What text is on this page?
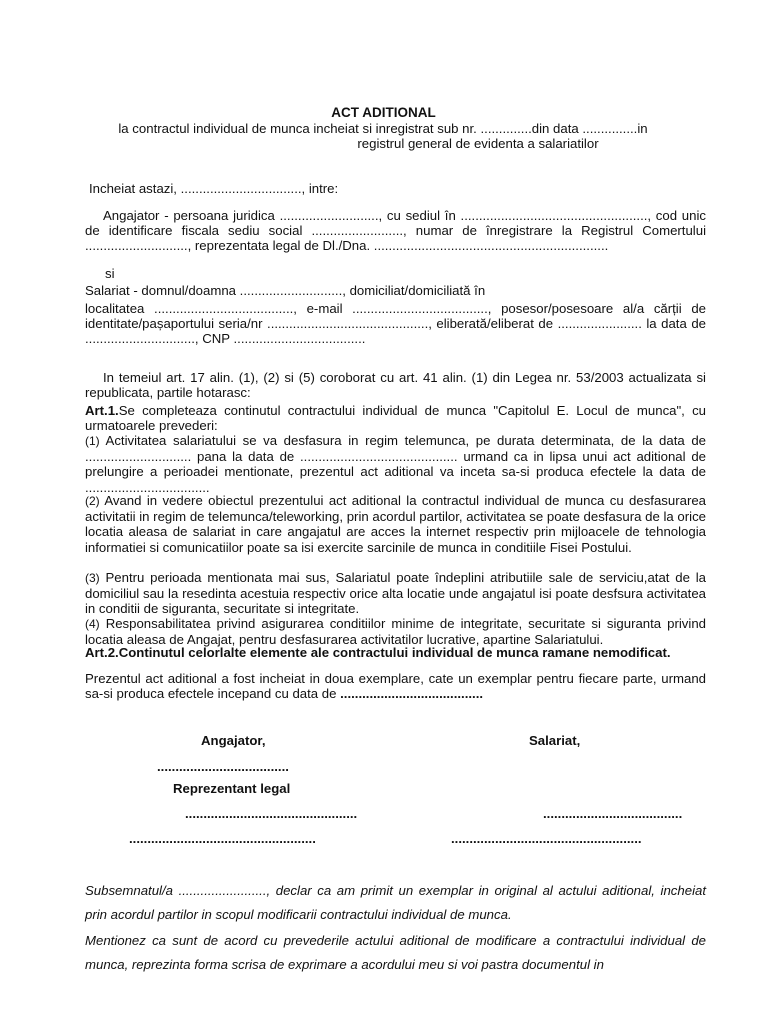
ACT ADITIONAL
la contractul individual de munca incheiat si inregistrat sub nr. ..............din data ...............in
registrul general de evidenta a salariatilor
Incheiat astazi, ................................., intre:
Angajator - persoana juridica ..........................., cu sediul în ..................................................., cod unic de identificare fiscala sediu social ........................., numar de înregistrare la Registrul Comertului ............................, reprezentata legal de Dl./Dna. ................................................................
si
Salariat - domnul/doamna ............................, domiciliat/domiciliată în
localitatea ......................................, e-mail ....................................., posesor/posesoare al/a cărții de identitate/pașaportului seria/nr ............................................, eliberată/eliberat de ....................... la data de .............................., CNP ....................................
In temeiul art. 17 alin. (1), (2) si (5) coroborat cu art. 41 alin. (1) din Legea nr. 53/2003 actualizata si republicata, partile hotarasc:
Art.1.Se completeaza continutul contractului individual de munca "Capitolul E. Locul de munca", cu urmatoarele prevederi:
(1) Activitatea salariatului se va desfasura in regim telemunca, pe durata determinata, de la data de ............................. pana la data de ........................................... urmand ca in lipsa unui act aditional de prelungire a perioadei mentionate, prezentul act aditional va inceta sa-si produca efectele la data de ..................................
(2) Avand in vedere obiectul prezentului act aditional la contractul individual de munca cu desfasurarea activitatii in regim de telemunca/teleworking, prin acordul partilor, activitatea se poate desfasura de la orice locatia aleasa de salariat in care angajatul are acces la internet respectiv prin mijloacele de tehnologia informatiei si comunicatiilor poate sa isi exercite sarcinile de munca in conditiile Fisei Postului.
(3) Pentru perioada mentionata mai sus, Salariatul poate îndeplini atributiile sale de serviciu,atat de la domiciliul sau la resedinta acestuia respectiv orice alta locatie unde angajatul isi poate desfsura activitatea in conditii de siguranta, securitate si integritate.
(4) Responsabilitatea privind asigurarea conditiilor minime de integritate, securitate si siguranta privind locatia aleasa de Angajat, pentru desfasurarea activitatilor lucrative, apartine Salariatului.
Art.2.Continutul celorlalte elemente ale contractului individual de munca ramane nemodificat.
Prezentul act aditional a fost incheiat in doua exemplare, cate un exemplar pentru fiecare parte, urmand sa-si produca efectele incepand cu data de .......................................
Angajator,	Salariat,
....................................
Reprezentant legal
...............................................	......................................
...................................................	....................................................
Subsemnatul/a ........................, declar ca am primit un exemplar in original al actului aditional, incheiat prin acordul partilor in scopul modificarii contractului individual de munca.
Mentionez ca sunt de acord cu prevederile actului aditional de modificare a contractului individual de munca, reprezinta forma scrisa de exprimare a acordului meu si voi pastra documentul in
